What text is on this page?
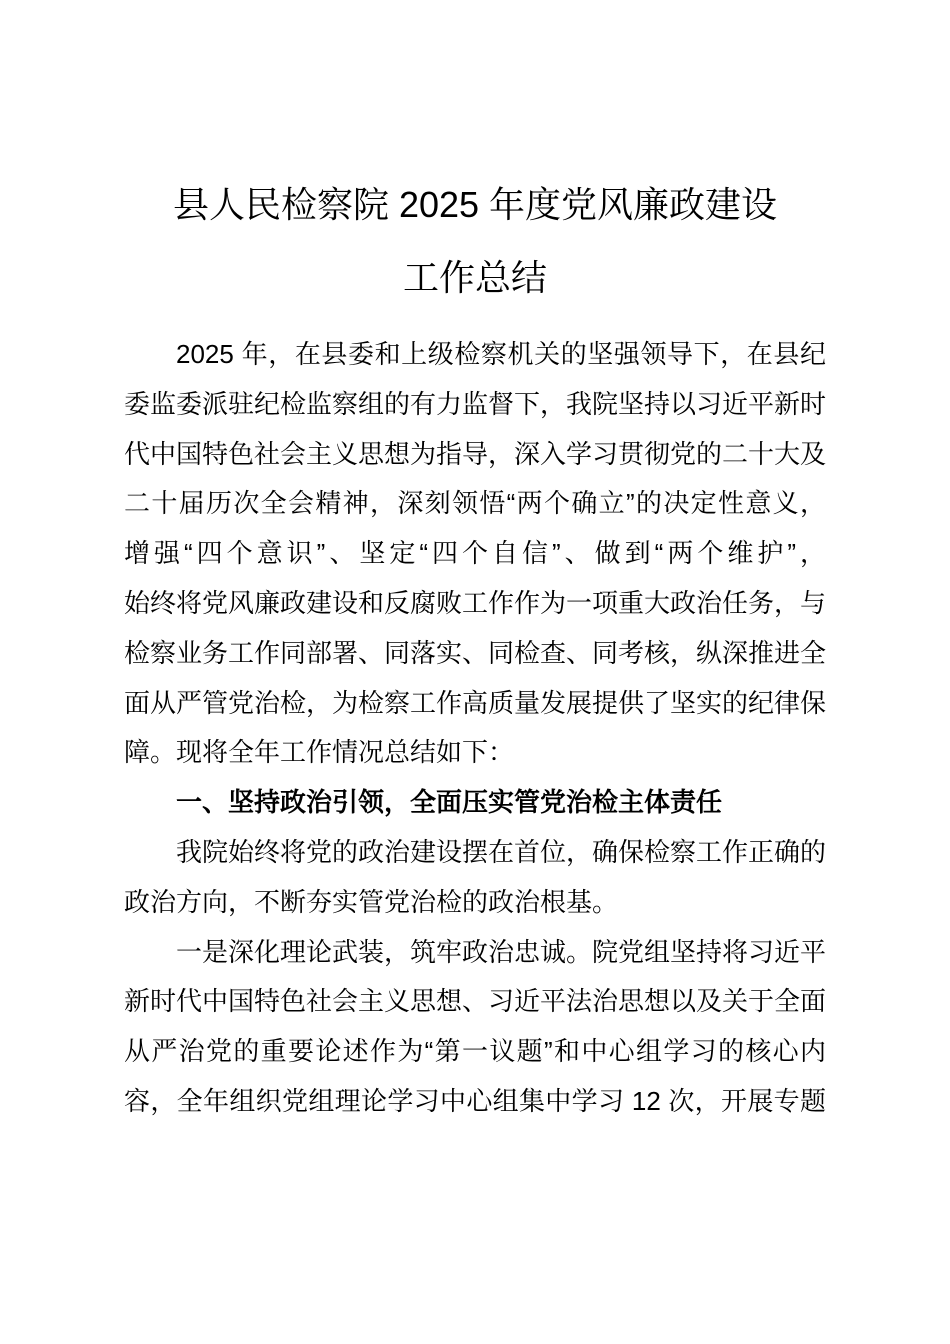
县人民检察院 2025 年度党风廉政建设
工作总结
2025 年，在县委和上级检察机关的坚强领导下，在县纪
委监委派驻纪检监察组的有力监督下，我院坚持以习近平新时
代中国特色社会主义思想为指导，深入学习贯彻党的二十大及
二十届历次全会精神，深刻领悟“两个确立”的决定性意义，
增强“四个意识”、坚定“四个自信”、做到“两个维护”，
始终将党风廉政建设和反腐败工作作为一项重大政治任务，与
检察业务工作同部署、同落实、同检查、同考核，纵深推进全
面从严管党治检，为检察工作高质量发展提供了坚实的纪律保
障。现将全年工作情况总结如下：
一、坚持政治引领，全面压实管党治检主体责任
我院始终将党的政治建设摆在首位，确保检察工作正确的
政治方向，不断夯实管党治检的政治根基。
一是深化理论武装，筑牢政治忠诚。院党组坚持将习近平
新时代中国特色社会主义思想、习近平法治思想以及关于全面
从严治党的重要论述作为“第一议题”和中心组学习的核心内
容，全年组织党组理论学习中心组集中学习 12 次，开展专题
